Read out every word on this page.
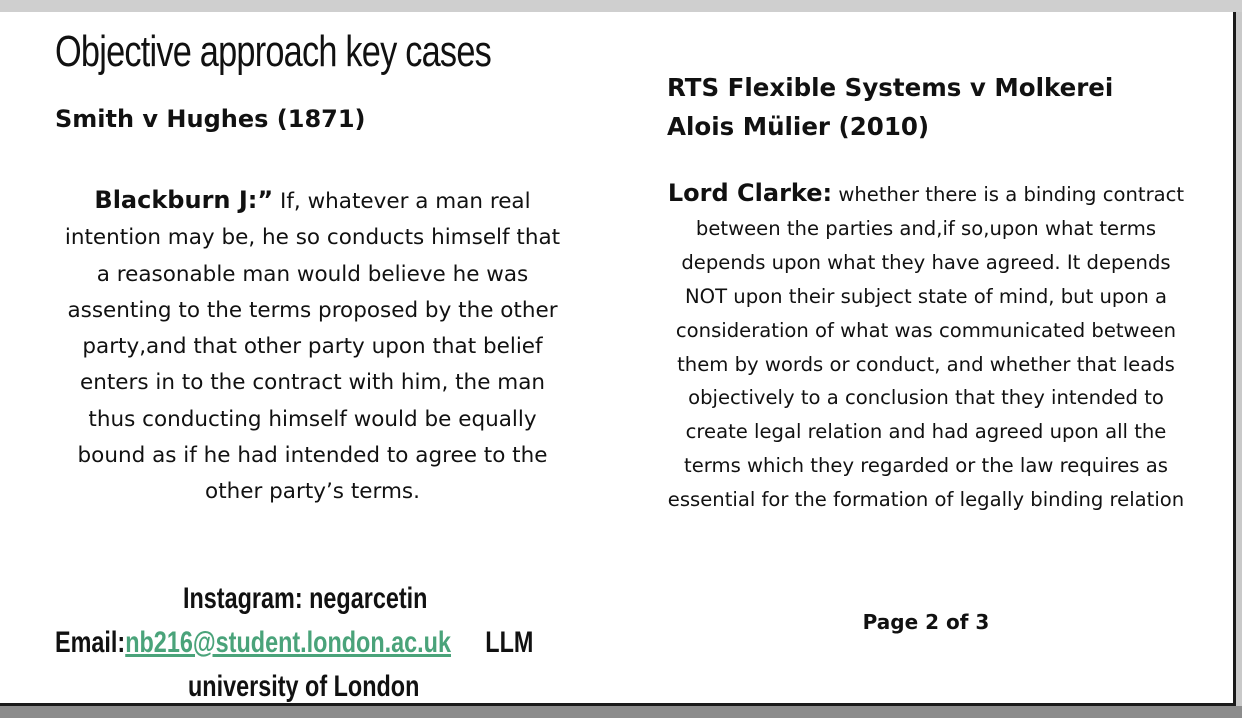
Objective approach key cases
Smith v Hughes (1871)

Blackburn J:” If, whatever a man real intention may be, he so conducts himself that a reasonable man would believe he was assenting to the terms proposed by the other party,and that other party upon that belief enters in to the contract with him, the man thus conducting himself would be equally bound as if he had intended to agree to the other party’s terms.

Instagram: negarcetin
Email:nb216@student.london.ac.uk LLM
university of London
RTS Flexible Systems v Molkerei Alois Mülier (2010)

Lord Clarke: whether there is a binding contract between the parties and,if so,upon what terms depends upon what they have agreed. It depends NOT upon their subject state of mind, but upon a consideration of what was communicated between them by words or conduct, and whether that leads objectively to a conclusion that they intended to create legal relation and had agreed upon all the terms which they regarded or the law requires as essential for the formation of legally binding relation

Page 2 of 3
